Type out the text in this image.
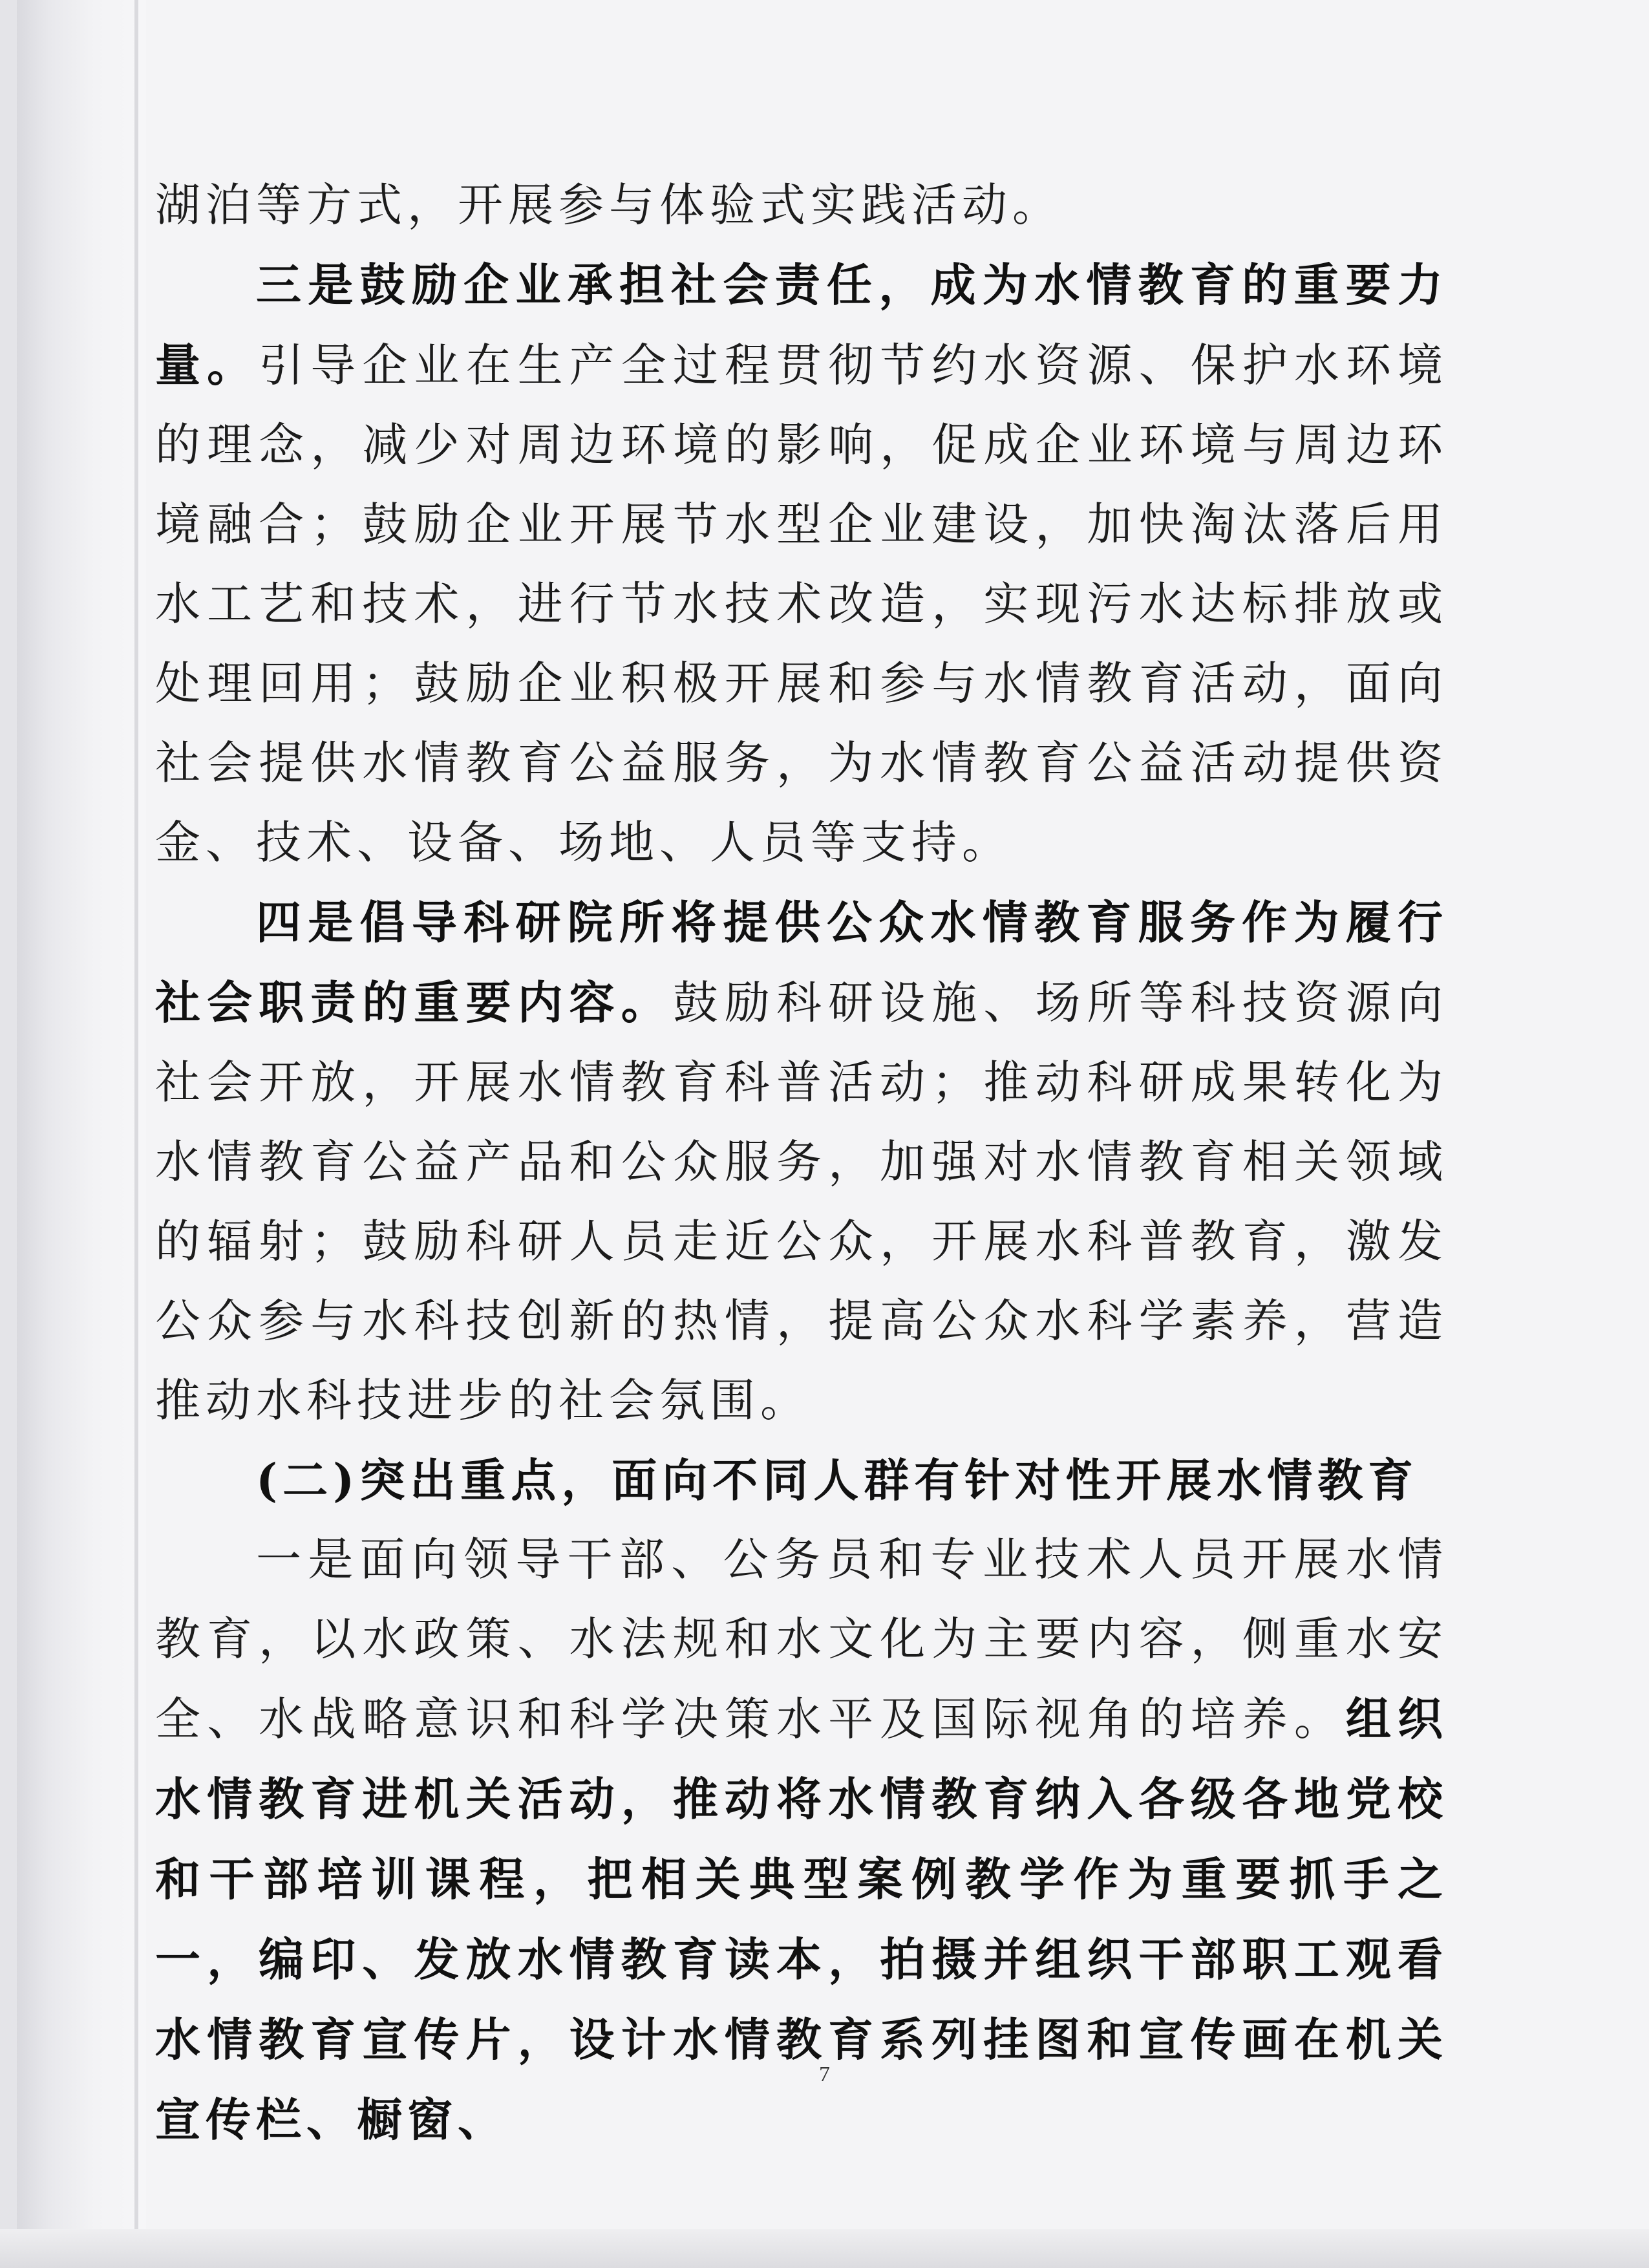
湖泊等方式，开展参与体验式实践活动。

三是鼓励企业承担社会责任，成为水情教育的重要力量。引导企业在生产全过程贯彻节约水资源、保护水环境的理念，减少对周边环境的影响，促成企业环境与周边环境融合；鼓励企业开展节水型企业建设，加快淘汰落后用水工艺和技术，进行节水技术改造，实现污水达标排放或处理回用；鼓励企业积极开展和参与水情教育活动，面向社会提供水情教育公益服务，为水情教育公益活动提供资金、技术、设备、场地、人员等支持。

四是倡导科研院所将提供公众水情教育服务作为履行社会职责的重要内容。鼓励科研设施、场所等科技资源向社会开放，开展水情教育科普活动；推动科研成果转化为水情教育公益产品和公众服务，加强对水情教育相关领域的辐射；鼓励科研人员走近公众，开展水科普教育，激发公众参与水科技创新的热情，提高公众水科学素养，营造推动水科技进步的社会氛围。

(二)突出重点，面向不同人群有针对性开展水情教育

一是面向领导干部、公务员和专业技术人员开展水情教育，以水政策、水法规和水文化为主要内容，侧重水安全、水战略意识和科学决策水平及国际视角的培养。组织水情教育进机关活动，推动将水情教育纳入各级各地党校和干部培训课程，把相关典型案例教学作为重要抓手之一，编印、发放水情教育读本，拍摄并组织干部职工观看水情教育宣传片，设计水情教育系列挂图和宣传画在机关宣传栏、橱窗、

7
